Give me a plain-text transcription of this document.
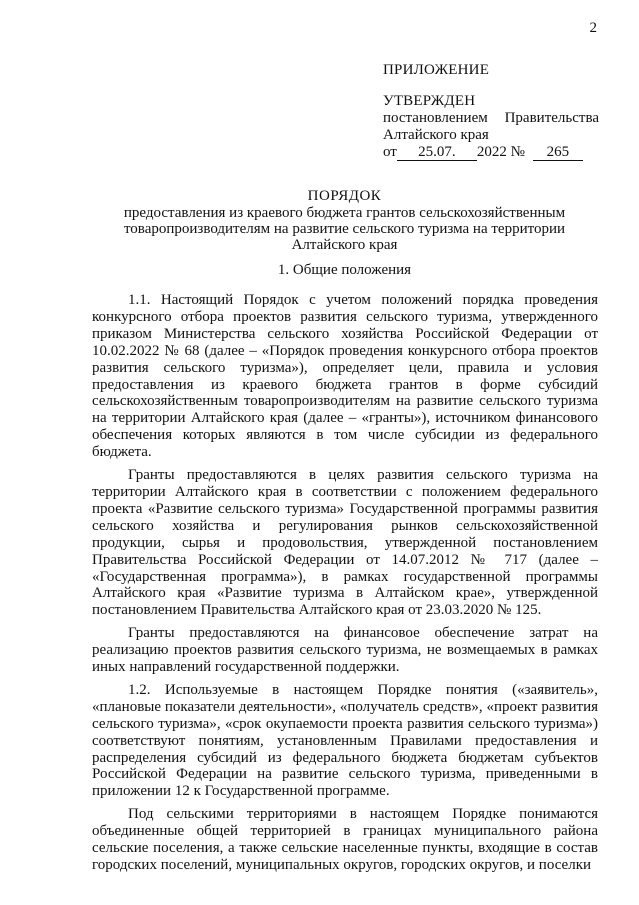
2
ПРИЛОЖЕНИЕ
УТВЕРЖДЕН
постановлением Правительства
Алтайского края
от	25.07.	2022 №	265
ПОРЯДОК
предоставления из краевого бюджета грантов сельскохозяйственным
товаропроизводителям на развитие сельского туризма на территории
Алтайского края
1. Общие положения

1.1. Настоящий Порядок с учетом положений порядка проведения конкурсного отбора проектов развития сельского туризма, утвержденного приказом Министерства сельского хозяйства Российской Федерации от 10.02.2022 № 68 (далее – «Порядок проведения конкурсного отбора проектов развития сельского туризма»), определяет цели, правила и условия предоставления из краевого бюджета грантов в форме субсидий сельскохозяйственным товаропроизводителям на развитие сельского туризма на территории Алтайского края (далее – «гранты»), источником финансового обеспечения которых являются в том числе субсидии из федерального бюджета.

Гранты предоставляются в целях развития сельского туризма на территории Алтайского края в соответствии с положением федерального проекта «Развитие сельского туризма» Государственной программы развития сельского хозяйства и регулирования рынков сельскохозяйственной продукции, сырья и продовольствия, утвержденной постановлением Правительства Российской Федерации от 14.07.2012 № 717 (далее – «Государственная программа»), в рамках государственной программы Алтайского края «Развитие туризма в Алтайском крае», утвержденной постановлением Правительства Алтайского края от 23.03.2020 № 125.

Гранты предоставляются на финансовое обеспечение затрат на реализацию проектов развития сельского туризма, не возмещаемых в рамках иных направлений государственной поддержки.

1.2. Используемые в настоящем Порядке понятия («заявитель», «плановые показатели деятельности», «получатель средств», «проект развития сельского туризма», «срок окупаемости проекта развития сельского туризма») соответствуют понятиям, установленным Правилами предоставления и распределения субсидий из федерального бюджета бюджетам субъектов Российской Федерации на развитие сельского туризма, приведенными в приложении 12 к Государственной программе.

Под сельскими территориями в настоящем Порядке понимаются объединенные общей территорией в границах муниципального района сельские поселения, а также сельские населенные пункты, входящие в состав городских поселений, муниципальных округов, городских округов, и поселки
